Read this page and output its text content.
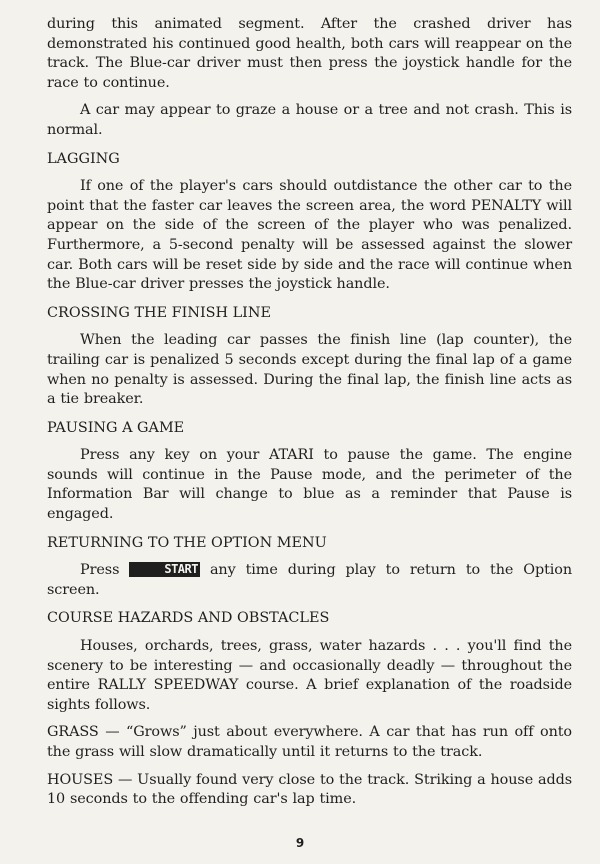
during this animated segment. After the crashed driver has demonstrated his continued good health, both cars will reappear on the track. The Blue-car driver must then press the joystick handle for the race to continue.

A car may appear to graze a house or a tree and not crash. This is normal.

LAGGING

If one of the player's cars should outdistance the other car to the point that the faster car leaves the screen area, the word PENALTY will appear on the side of the screen of the player who was penalized. Furthermore, a 5-second penalty will be assessed against the slower car. Both cars will be reset side by side and the race will continue when the Blue-car driver presses the joystick handle.

CROSSING THE FINISH LINE

When the leading car passes the finish line (lap counter), the trailing car is penalized 5 seconds except during the final lap of a game when no penalty is assessed. During the final lap, the finish line acts as a tie breaker.

PAUSING A GAME

Press any key on your ATARI to pause the game. The engine sounds will continue in the Pause mode, and the perimeter of the Information Bar will change to blue as a reminder that Pause is engaged.

RETURNING TO THE OPTION MENU

Press	START any time during play to return to the Option screen.

COURSE HAZARDS AND OBSTACLES

Houses, orchards, trees, grass, water hazards . . . you'll find the scenery to be interesting — and occasionally deadly — throughout the entire RALLY SPEEDWAY course. A brief explanation of the roadside sights follows.

GRASS — “Grows” just about everywhere. A car that has run off onto the grass will slow dramatically until it returns to the track.

HOUSES — Usually found very close to the track. Striking a house adds 10 seconds to the offending car's lap time.

9
